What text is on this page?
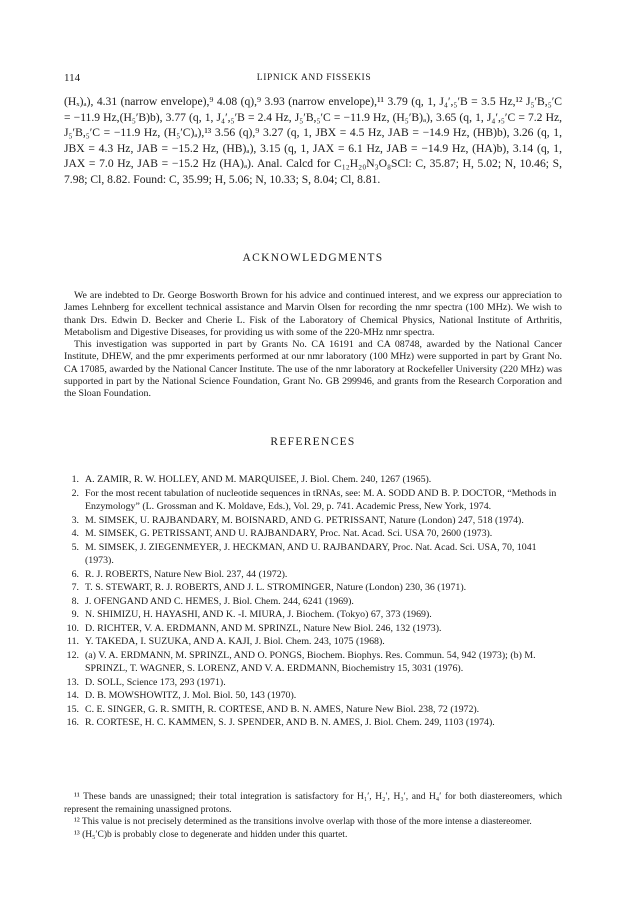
114	LIPNICK AND FISSEKIS
(Hₓ)ₐ), 4.31 (narrow envelope),⁹ 4.08 (q),⁹ 3.93 (narrow envelope),¹¹ 3.79 (q, 1, J₄′,₅′B = 3.5 Hz,¹² J₅′B,₅′C = −11.9 Hz,(H₅′B)b), 3.77 (q, 1, J₄′,₅′B = 2.4 Hz, J₅′B,₅′C = −11.9 Hz, (H₅′B)ₐ), 3.65 (q, 1, J₄′,₅′C = 7.2 Hz, J₅′B,₅′C = −11.9 Hz, (H₅′C)ₐ),¹³ 3.56 (q),⁹ 3.27 (q, 1, JBX = 4.5 Hz, JAB = −14.9 Hz, (HB)b), 3.26 (q, 1, JBX = 4.3 Hz, JAB = −15.2 Hz, (HB)ₐ), 3.15 (q, 1, JAX = 6.1 Hz, JAB = −14.9 Hz, (HA)b), 3.14 (q, 1, JAX = 7.0 Hz, JAB = −15.2 Hz (HA)ₐ). Anal. Calcd for C₁₂H₂₀N₃O₈SCl: C, 35.87; H, 5.02; N, 10.46; S, 7.98; Cl, 8.82. Found: C, 35.99; H, 5.06; N, 10.33; S, 8.04; Cl, 8.81.
ACKNOWLEDGMENTS

We are indebted to Dr. George Bosworth Brown for his advice and continued interest, and we express our appreciation to James Lehnberg for excellent technical assistance and Marvin Olsen for recording the nmr spectra (100 MHz). We wish to thank Drs. Edwin D. Becker and Cherie L. Fisk of the Laboratory of Chemical Physics, National Institute of Arthritis, Metabolism and Digestive Diseases, for providing us with some of the 220-MHz nmr spectra.

This investigation was supported in part by Grants No. CA 16191 and CA 08748, awarded by the National Cancer Institute, DHEW, and the pmr experiments performed at our nmr laboratory (100 MHz) were supported in part by Grant No. CA 17085, awarded by the National Cancer Institute. The use of the nmr laboratory at Rockefeller University (220 MHz) was supported in part by the National Science Foundation, Grant No. GB 299946, and grants from the Research Corporation and the Sloan Foundation.

REFERENCES
1. A. ZAMIR, R. W. HOLLEY, AND M. MARQUISEE, J. Biol. Chem. 240, 1267 (1965).
2. For the most recent tabulation of nucleotide sequences in tRNAs, see: M. A. SODD AND B. P. DOCTOR, “Methods in Enzymology” (L. Grossman and K. Moldave, Eds.), Vol. 29, p. 741. Academic Press, New York, 1974.
3. M. SIMSEK, U. RAJBANDARY, M. BOISNARD, AND G. PETRISSANT, Nature (London) 247, 518 (1974).
4. M. SIMSEK, G. PETRISSANT, AND U. RAJBANDARY, Proc. Nat. Acad. Sci. USA 70, 2600 (1973).
5. M. SIMSEK, J. ZIEGENMEYER, J. HECKMAN, AND U. RAJBANDARY, Proc. Nat. Acad. Sci. USA, 70, 1041 (1973).
6. R. J. ROBERTS, Nature New Biol. 237, 44 (1972).
7. T. S. STEWART, R. J. ROBERTS, AND J. L. STROMINGER, Nature (London) 230, 36 (1971).
8. J. OFENGAND AND C. HEMES, J. Biol. Chem. 244, 6241 (1969).
9. N. SHIMIZU, H. HAYASHI, AND K. -I. MIURA, J. Biochem. (Tokyo) 67, 373 (1969).
10. D. RICHTER, V. A. ERDMANN, AND M. SPRINZL, Nature New Biol. 246, 132 (1973).
11. Y. TAKEDA, I. SUZUKA, AND A. KAJI, J. Biol. Chem. 243, 1075 (1968).
12. (a) V. A. ERDMANN, M. SPRINZL, AND O. PONGS, Biochem. Biophys. Res. Commun. 54, 942 (1973); (b) M. SPRINZL, T. WAGNER, S. LORENZ, AND V. A. ERDMANN, Biochemistry 15, 3031 (1976).
13. D. SOLL, Science 173, 293 (1971).
14. D. B. MOWSHOWITZ, J. Mol. Biol. 50, 143 (1970).
15. C. E. SINGER, G. R. SMITH, R. CORTESE, AND B. N. AMES, Nature New Biol. 238, 72 (1972).
16. R. CORTESE, H. C. KAMMEN, S. J. SPENDER, AND B. N. AMES, J. Biol. Chem. 249, 1103 (1974).

¹¹ These bands are unassigned; their total integration is satisfactory for H₁′, H₂′, H₃′, and H₄′ for both diastereomers, which represent the remaining unassigned protons.

¹² This value is not precisely determined as the transitions involve overlap with those of the more intense a diastereomer.

¹³ (H₅′C)b is probably close to degenerate and hidden under this quartet.
